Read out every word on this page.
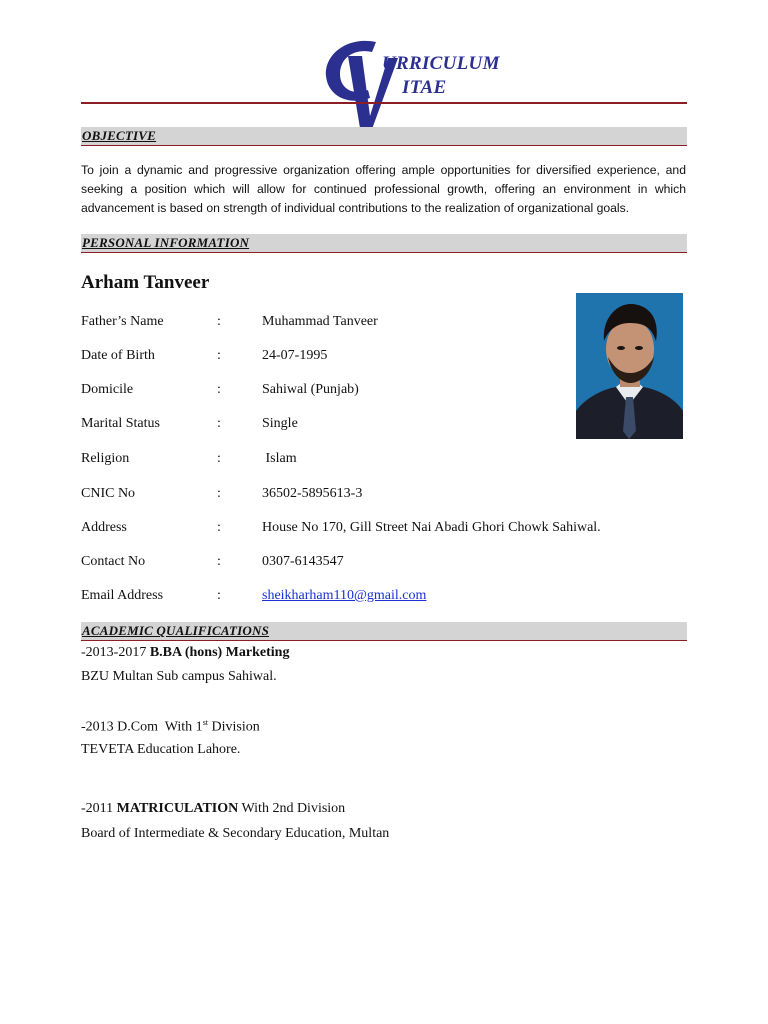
URRICULUM
ITAE
OBJECTIVE
To join a dynamic and progressive organization offering ample opportunities for diversified experience, and seeking a position which will allow for continued professional growth, offering an environment in which advancement is based on strength of individual contributions to the realization of organizational goals.
PERSONAL INFORMATION
Arham Tanveer
Father’s Name	:	Muhammad Tanveer
Date of Birth	:	24-07-1995
Domicile	:	Sahiwal (Punjab)
Marital Status	:	Single
Religion	:	Islam
CNIC No	:	36502-5895613-3
Address	:	House No 170, Gill Street Nai Abadi Ghori Chowk Sahiwal.
Contact No	:	0307-6143547
Email Address	:	sheikharham110@gmail.com
ACADEMIC QUALIFICATIONS
-2013-2017 B.BA (hons) Marketing
BZU Multan Sub campus Sahiwal.
-2013 D.Com  With 1st Division
TEVETA Education Lahore.
-2011 MATRICULATION With 2nd Division
Board of Intermediate & Secondary Education, Multan
